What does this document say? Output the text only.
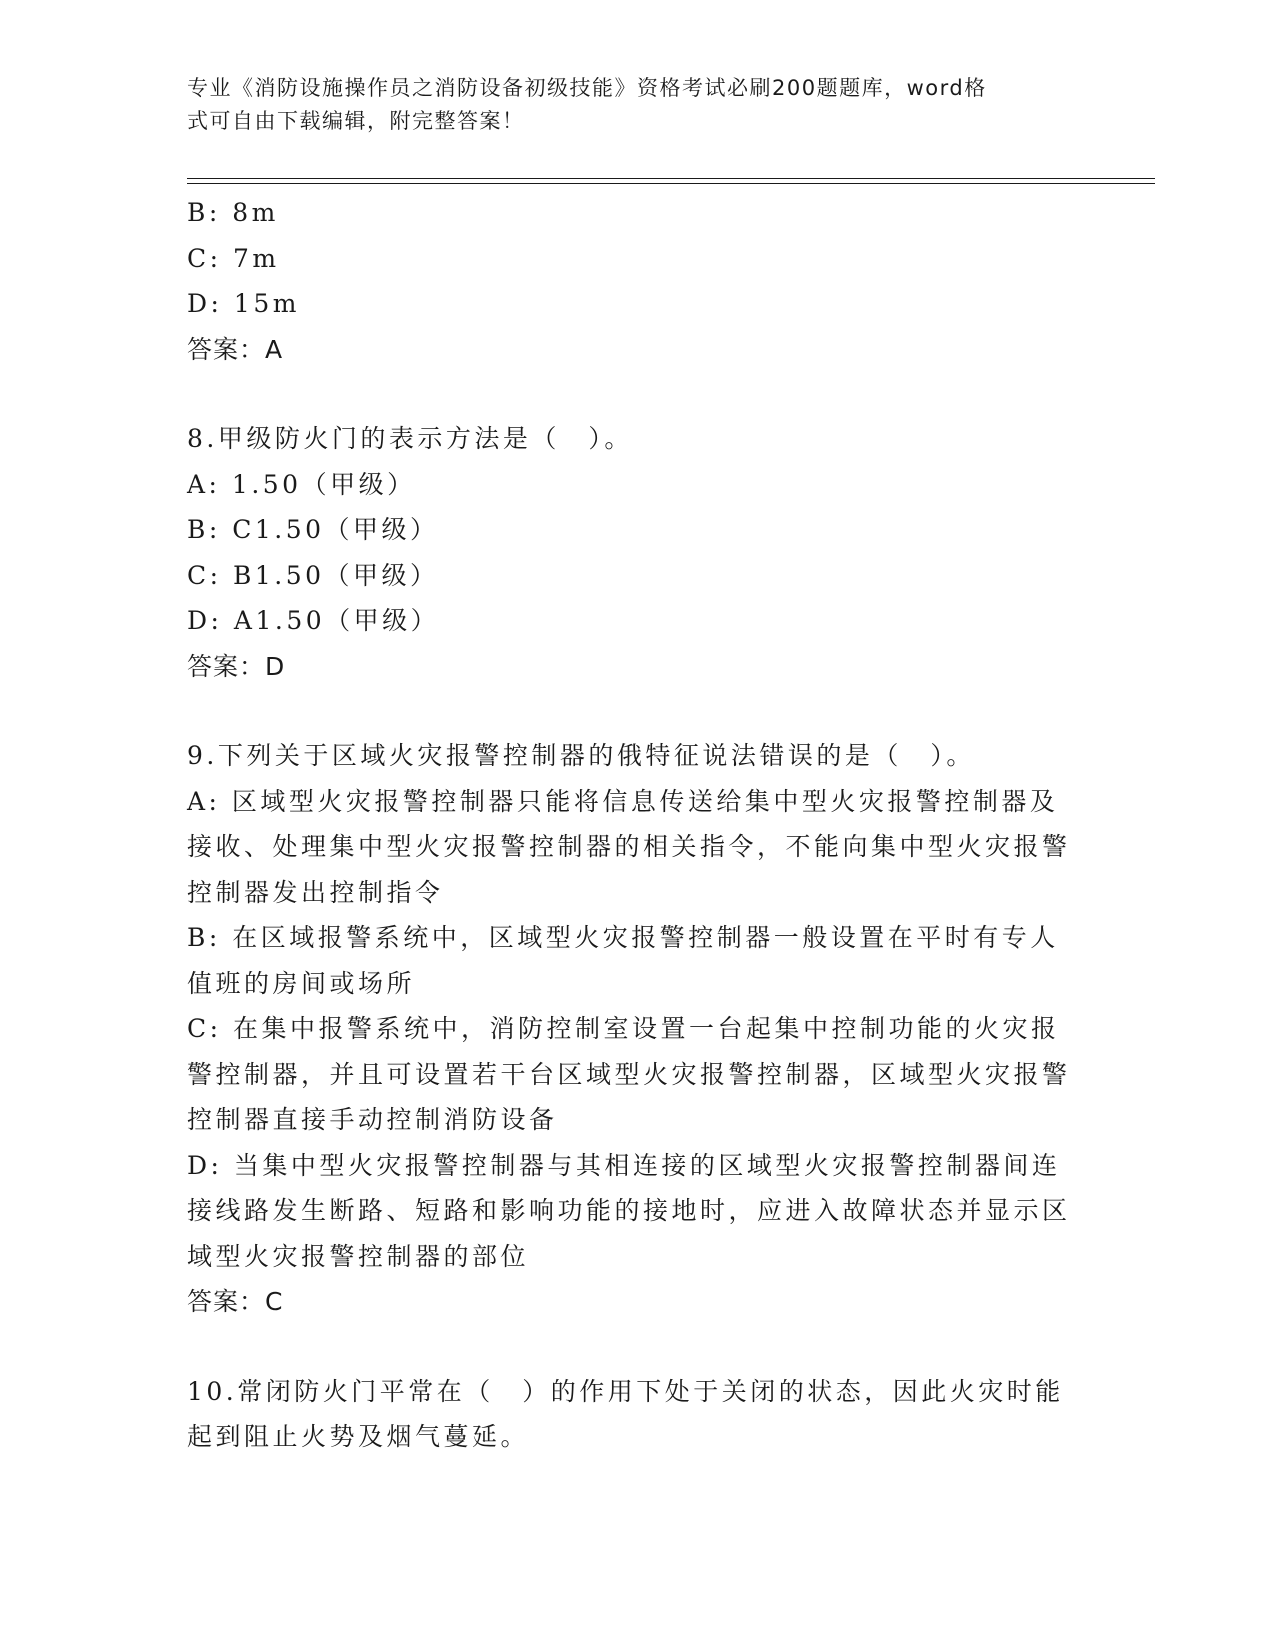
专业《消防设施操作员之消防设备初级技能》资格考试必刷200题题库，word格
式可自由下载编辑，附完整答案！
B: 8m
C: 7m
D: 15m
答案：A
8.甲级防火门的表示方法是（　）。
A: 1.50（甲级）
B: C1.50（甲级）
C: B1.50（甲级）
D: A1.50（甲级）
答案：D
9.下列关于区域火灾报警控制器的俄特征说法错误的是（　）。
A: 区域型火灾报警控制器只能将信息传送给集中型火灾报警控制器及接收、处理集中型火灾报警控制器的相关指令，不能向集中型火灾报警控制器发出控制指令
B: 在区域报警系统中，区域型火灾报警控制器一般设置在平时有专人值班的房间或场所
C: 在集中报警系统中，消防控制室设置一台起集中控制功能的火灾报警控制器，并且可设置若干台区域型火灾报警控制器，区域型火灾报警控制器直接手动控制消防设备
D: 当集中型火灾报警控制器与其相连接的区域型火灾报警控制器间连接线路发生断路、短路和影响功能的接地时，应进入故障状态并显示区域型火灾报警控制器的部位
答案：C
10.常闭防火门平常在（　）的作用下处于关闭的状态，因此火灾时能起到阻止火势及烟气蔓延。
